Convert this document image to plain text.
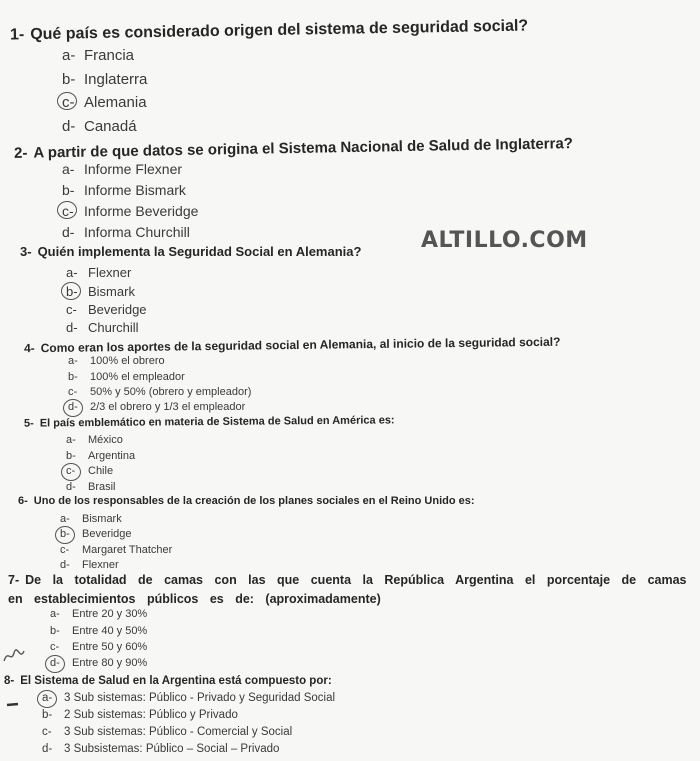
ALTILLO.COM
1- Qué país es considerado origen del sistema de seguridad social?
a- Francia
b- Inglaterra
c- Alemania
d- Canadá
2- A partir de que datos se origina el Sistema Nacional de Salud de Inglaterra?
a- Informe Flexner
b- Informe Bismark
c- Informe Beveridge
d- Informa Churchill
3- Quién implementa la Seguridad Social en Alemania?
a- Flexner
b- Bismark
c- Beveridge
d- Churchill
4- Como eran los aportes de la seguridad social en Alemania, al inicio de la seguridad social?
a- 100% el obrero
b- 100% el empleador
c- 50% y 50% (obrero y empleador)
d- 2/3 el obrero y 1/3 el empleador
5- El país emblemático en materia de Sistema de Salud en América es:
a- México
b- Argentina
c- Chile
d- Brasil
6- Uno de los responsables de la creación de los planes sociales en el Reino Unido es:
a- Bismark
b- Beveridge
c- Margaret Thatcher
d- Flexner
7- De la totalidad de camas con las que cuenta la República Argentina el porcentaje de camas en establecimientos públicos es de: (aproximadamente)
a- Entre 20 y 30%
b- Entre 40 y 50%
c- Entre 50 y 60%
d- Entre 80 y 90%
8- El Sistema de Salud en la Argentina está compuesto por:
a- 3 Sub sistemas: Público - Privado y Seguridad Social
b- 2 Sub sistemas: Público y Privado
c- 3 Sub sistemas: Público - Comercial y Social
d- 3 Subsistemas: Público – Social – Privado
